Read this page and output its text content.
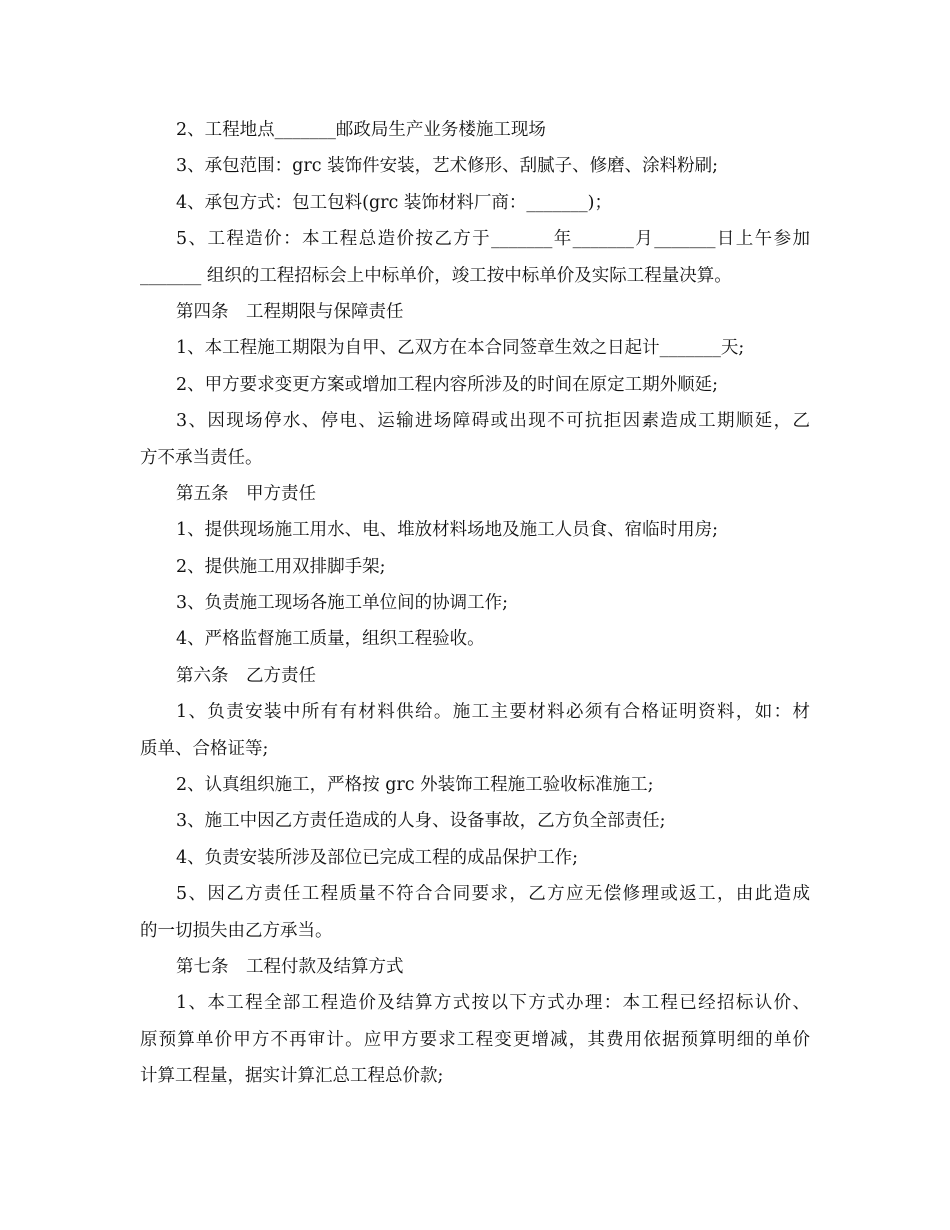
2、工程地点_______邮政局生产业务楼施工现场
3、承包范围：grc 装饰件安装，艺术修形、刮腻子、修磨、涂料粉刷;
4、承包方式：包工包料(grc 装饰材料厂商：_______)；
5、工程造价：本工程总造价按乙方于_______年_______月_______日上午参加
_______ 组织的工程招标会上中标单价，竣工按中标单价及实际工程量决算。
第四条　工程期限与保障责任
1、本工程施工期限为自甲、乙双方在本合同签章生效之日起计_______天;
2、甲方要求变更方案或增加工程内容所涉及的时间在原定工期外顺延;
3、因现场停水、停电、运输进场障碍或出现不可抗拒因素造成工期顺延，乙
方不承当责任。
第五条　甲方责任
1、提供现场施工用水、电、堆放材料场地及施工人员食、宿临时用房;
2、提供施工用双排脚手架;
3、负责施工现场各施工单位间的协调工作;
4、严格监督施工质量，组织工程验收。
第六条　乙方责任
1、负责安装中所有有材料供给。施工主要材料必须有合格证明资料，如：材
质单、合格证等;
2、认真组织施工，严格按 grc 外装饰工程施工验收标准施工;
3、施工中因乙方责任造成的人身、设备事故，乙方负全部责任;
4、负责安装所涉及部位已完成工程的成品保护工作;
5、因乙方责任工程质量不符合合同要求，乙方应无偿修理或返工，由此造成
的一切损失由乙方承当。
第七条　工程付款及结算方式
1、本工程全部工程造价及结算方式按以下方式办理：本工程已经招标认价、
原预算单价甲方不再审计。应甲方要求工程变更增减，其费用依据预算明细的单价
计算工程量，据实计算汇总工程总价款;
